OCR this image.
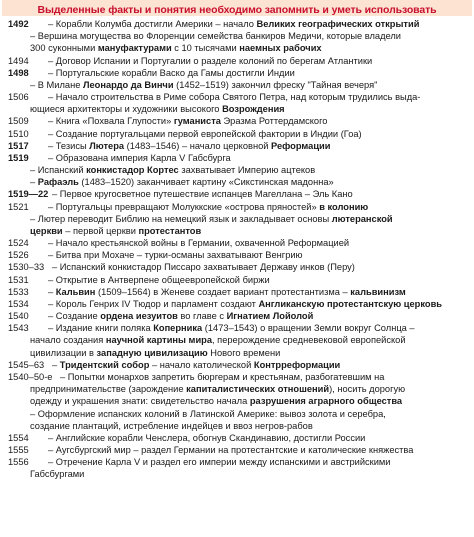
Выделенные факты и понятия необходимо запомнить и уметь использовать
1492 – Корабли Колумба достигли Америки – начало Великих географических открытий
– Вершина могущества во Флоренции семейства банкиров Медичи, которые владели
300 суконными мануфактурами с 10 тысячами наемных рабочих
1494 – Договор Испании и Португалии о разделе колоний по берегам Атлантики
1498 – Португальские корабли Васко да Гамы достигли Индии
– В Милане Леонардо да Винчи (1452–1519) закончил фреску "Тайная вечеря"
1506 – Начало строительства в Риме собора Святого Петра, над которым трудились выда-
ющиеся архитекторы и художники высокого Возрождения
1509 – Книга «Похвала Глупости» гуманиста Эразма Роттердамского
1510 – Создание португальцами первой европейской фактории в Индии (Гоа)
1517 – Тезисы Лютера (1483–1546) – начало церковной Реформации
1519 – Образована империя Карла V Габсбурга
– Испанский конкистадор Кортес захватывает Империю ацтеков
– Рафаэль (1483–1520) заканчивает картину «Сикстинская мадонна»
1519—22 – Первое кругосветное путешествие испанцев Магеллана – Эль Кано
1521 – Португальцы превращают Молуккские «острова пряностей» в колонию
– Лютер переводит Библию на немецкий язык и закладывает основы лютеранской
церкви – первой церкви протестантов
1524 – Начало крестьянской войны в Германии, охваченной Реформацией
1526 – Битва при Мохаче – турки-османы захватывают Венгрию
1530–33 – Испанский конкистадор Писсаро захватывает Державу инков (Перу)
1531 – Открытие в Антверпене общеевропейской биржи
1533 – Кальвин (1509–1564) в Женеве создает вариант протестантизма – кальвинизм
1534 – Король Генрих IV Тюдор и парламент создают Англиканскую протестантскую церковь
1540 – Создание ордена иезуитов во главе с Игнатием Лойолой
1543 – Издание книги поляка Коперника (1473–1543) о вращении Земли вокруг Солнца –
начало создания научной картины мира, перерождение средневековой европейской
цивилизации в западную цивилизацию Нового времени
1545–63 – Тридентский собор – начало католической Контрреформации
1540–50-е – Попытки монархов запретить бюргерам и крестьянам, разбогатевшим на
предпринимательстве (зарождение капиталистических отношений), носить дорогую
одежду и украшения знати: свидетельство начала разрушения аграрного общества
– Оформление испанских колоний в Латинской Америке: вывоз золота и серебра,
создание плантаций, истребление индейцев и ввоз негров-рабов
1554 – Английские корабли Ченслера, обогнув Скандинавию, достигли России
1555 – Аугсбургский мир – раздел Германии на протестантские и католические княжества
1556 – Отречение Карла V и раздел его империи между испанскими и австрийскими
Габсбургами
